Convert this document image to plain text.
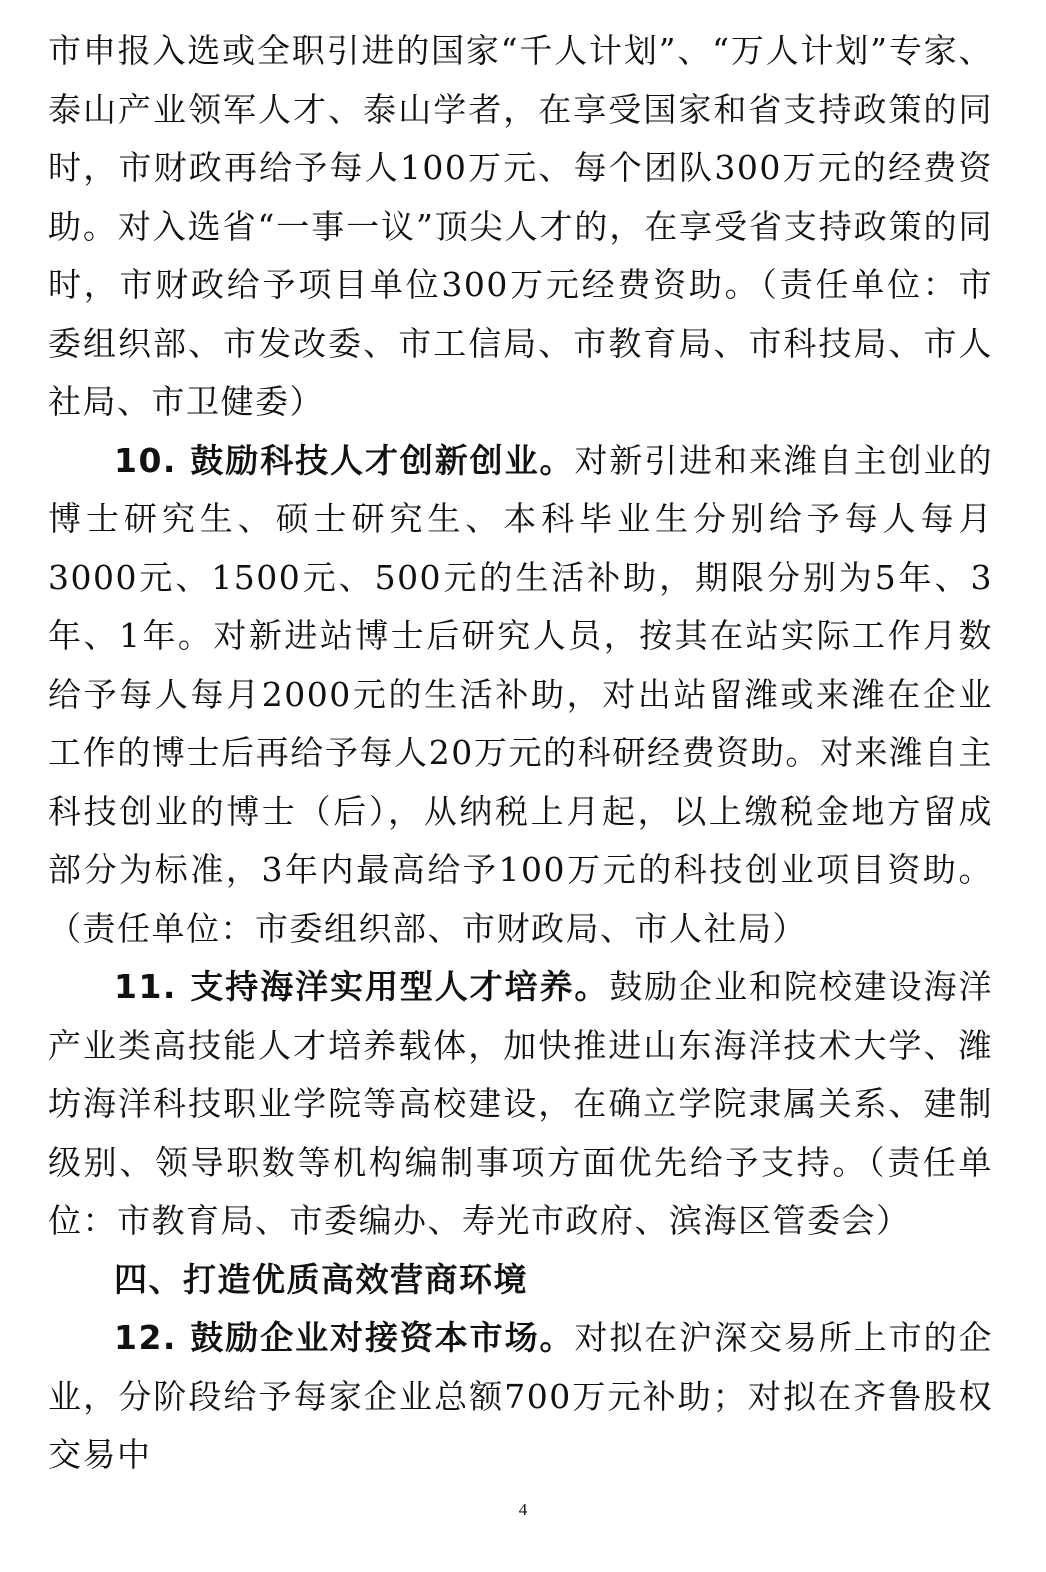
市申报入选或全职引进的国家“千人计划”、“万人计划”专家、泰山产业领军人才、泰山学者，在享受国家和省支持政策的同时，市财政再给予每人100万元、每个团队300万元的经费资助。对入选省“一事一议”顶尖人才的，在享受省支持政策的同时，市财政给予项目单位300万元经费资助。（责任单位：市委组织部、市发改委、市工信局、市教育局、市科技局、市人社局、市卫健委）

10. 鼓励科技人才创新创业。对新引进和来潍自主创业的博士研究生、硕士研究生、本科毕业生分别给予每人每月3000元、1500元、500元的生活补助，期限分别为5年、3年、1年。对新进站博士后研究人员，按其在站实际工作月数给予每人每月2000元的生活补助，对出站留潍或来潍在企业工作的博士后再给予每人20万元的科研经费资助。对来潍自主科技创业的博士（后），从纳税上月起，以上缴税金地方留成部分为标准，3年内最高给予100万元的科技创业项目资助。（责任单位：市委组织部、市财政局、市人社局）

11. 支持海洋实用型人才培养。鼓励企业和院校建设海洋产业类高技能人才培养载体，加快推进山东海洋技术大学、潍坊海洋科技职业学院等高校建设，在确立学院隶属关系、建制级别、领导职数等机构编制事项方面优先给予支持。（责任单位：市教育局、市委编办、寿光市政府、滨海区管委会）

四、打造优质高效营商环境

12. 鼓励企业对接资本市场。对拟在沪深交易所上市的企业，分阶段给予每家企业总额700万元补助；对拟在齐鲁股权交易中

4
